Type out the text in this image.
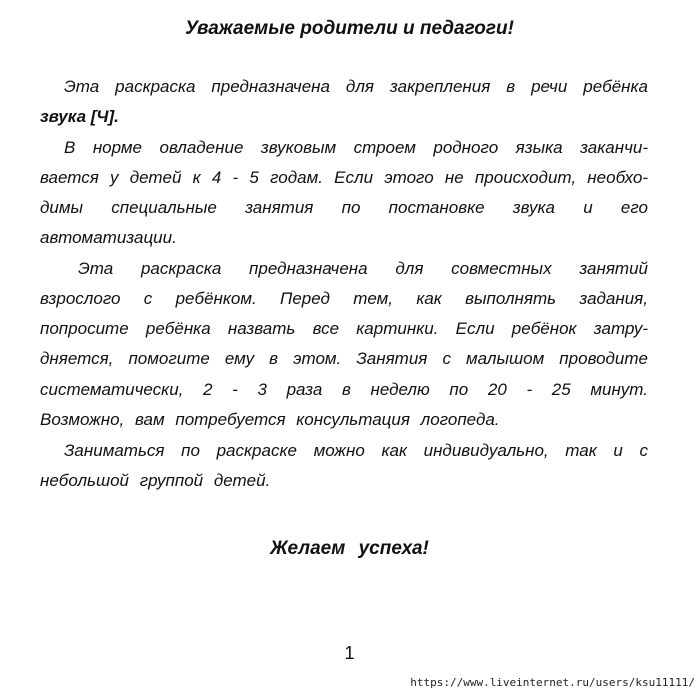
Уважаемые родители и педагоги!
Эта раскраска предназначена для закрепления в речи ребёнка
звука [Ч].
В норме овладение звуковым строем родного языка заканчи-
вается у детей к 4 - 5 годам. Если этого не происходит, необхо-
димы специальные занятия по постановке звука и его
автоматизации.
Эта раскраска предназначена для совместных занятий
взрослого с ребёнком. Перед тем, как выполнять задания,
попросите ребёнка назвать все картинки. Если ребёнок затру-
дняется, помогите ему в этом. Занятия с малышом проводите
систематически, 2 - 3 раза в неделю по 20 - 25 минут.
Возможно, вам потребуется консультация логопеда.
Заниматься по раскраске можно как индивидуально, так и с
небольшой группой детей.
Желаем успеха!
1
https://www.liveinternet.ru/users/ksu11111/
